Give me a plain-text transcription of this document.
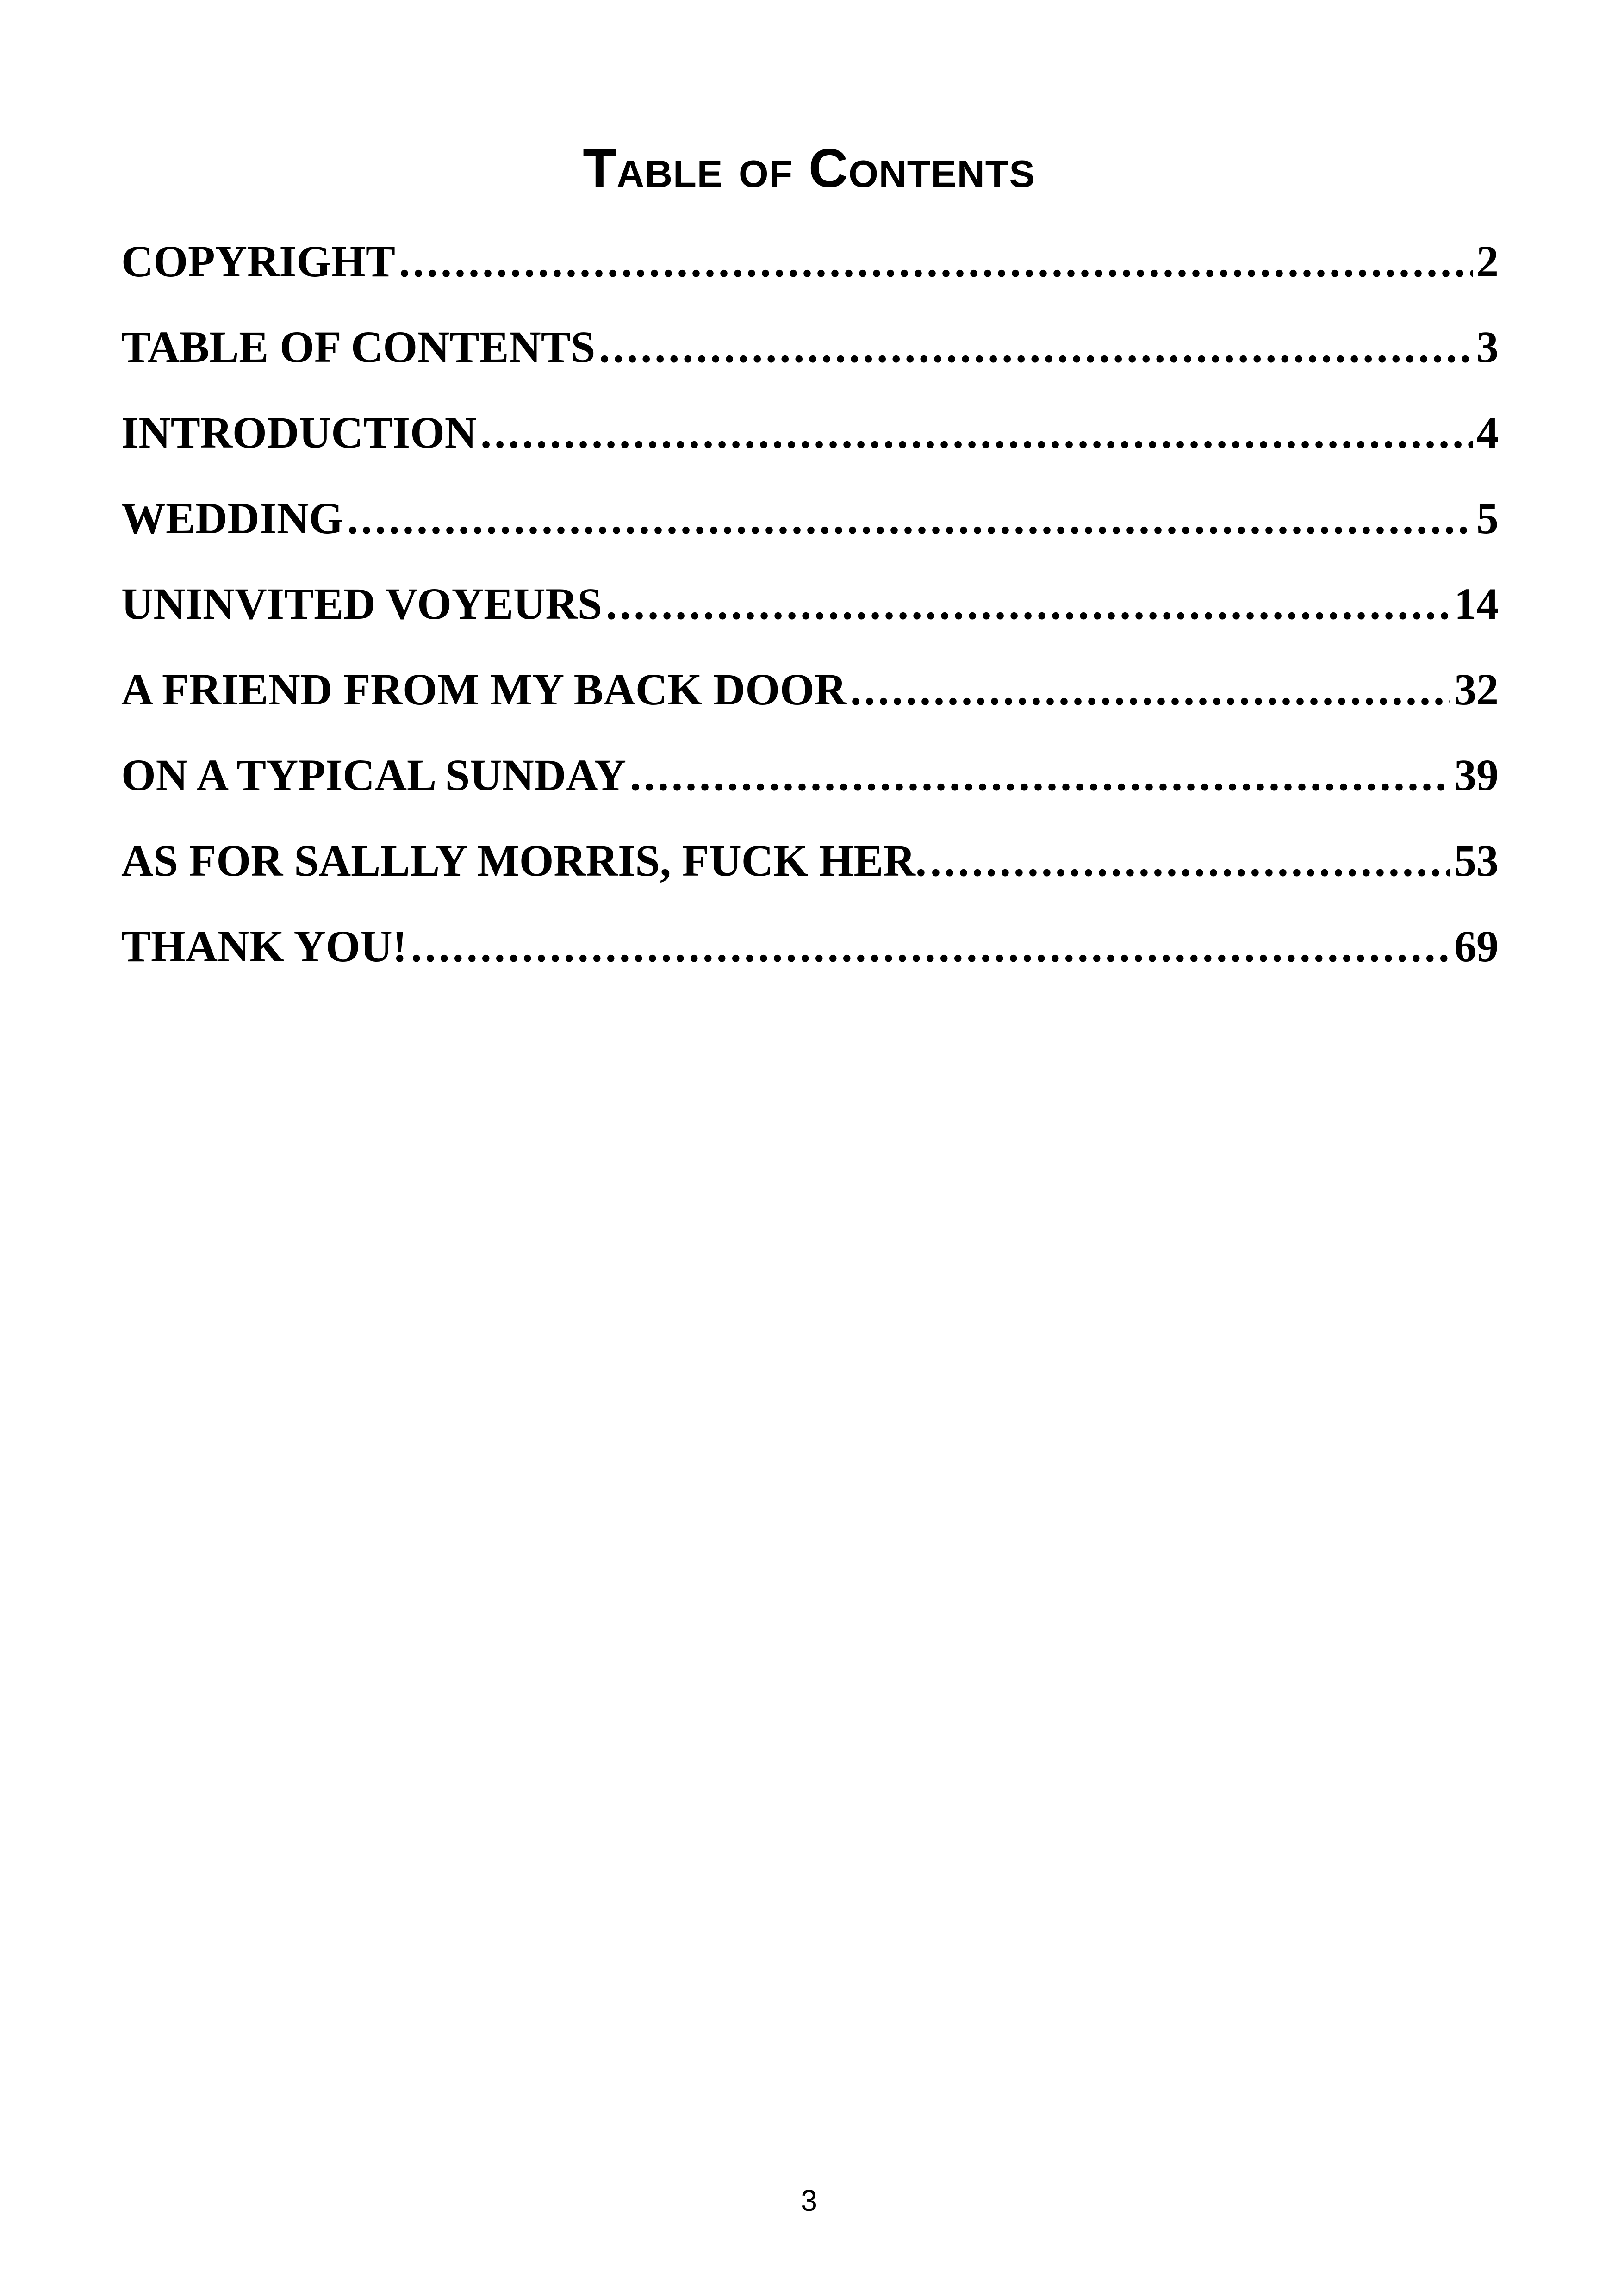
Table of Contents
COPYRIGHT .....	2
TABLE OF CONTENTS .....	3
INTRODUCTION .....	4
WEDDING .....	5
UNINVITED VOYEURS .....	14
A FRIEND FROM MY BACK DOOR .....	32
ON A TYPICAL SUNDAY .....	39
AS FOR SALLLY MORRIS, FUCK HER. .....	53
THANK YOU! .....	69
3
